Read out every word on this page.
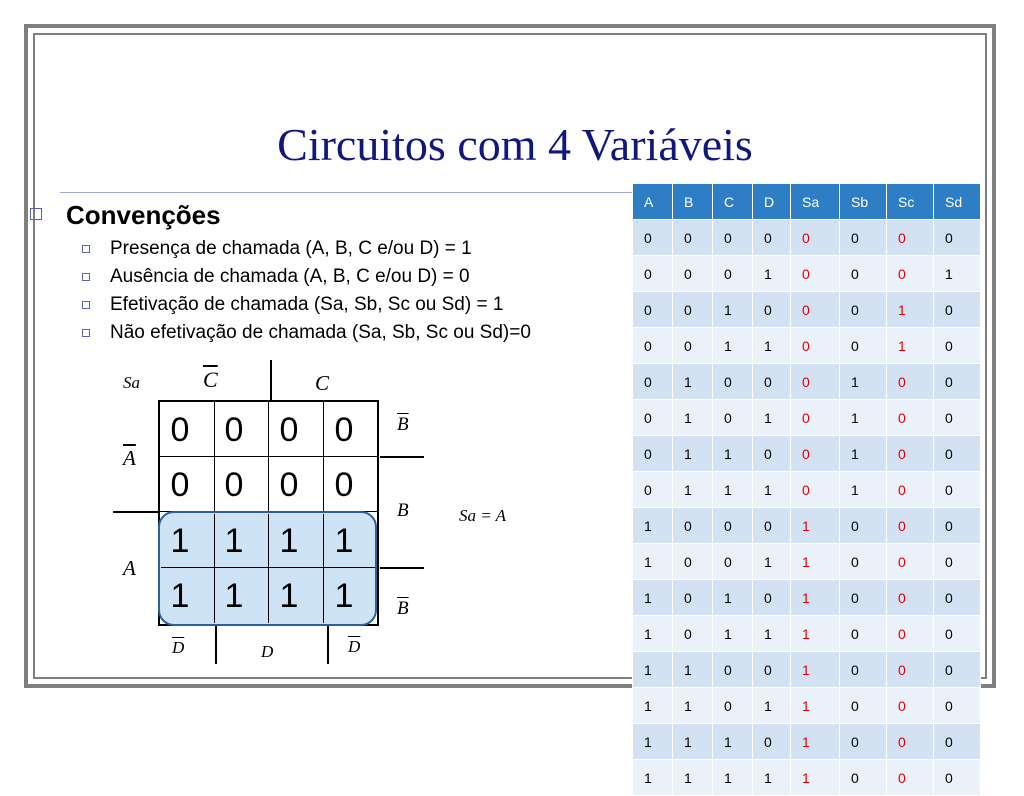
Circuitos com 4 Variáveis
Convenções
Presença de chamada (A, B, C e/ou D) = 1
Ausência de chamada (A, B, C e/ou D) = 0
Efetivação de chamada (Sa, Sb, Sc ou Sd) = 1
Não efetivação de chamada (Sa, Sb, Sc ou Sd)=0
Sa	$\overline{C}$	C
$\overline{A}$
A
$\overline{B}$
B
$\overline{B}$
$\overline{D}$	D	$\overline{D}$
0	0	0	0
0	0	0	0
1	1	1	1
1	1	1	1
Sa = A
A	B	C	D	Sa	Sb	Sc	Sd
0	0	0	0	0	0	0	0
0	0	0	1	0	0	0	1
0	0	1	0	0	0	1	0
0	0	1	1	0	0	1	0
0	1	0	0	0	1	0	0
0	1	0	1	0	1	0	0
0	1	1	0	0	1	0	0
0	1	1	1	0	1	0	0
1	0	0	0	1	0	0	0
1	0	0	1	1	0	0	0
1	0	1	0	1	0	0	0
1	0	1	1	1	0	0	0
1	1	0	0	1	0	0	0
1	1	0	1	1	0	0	0
1	1	1	0	1	0	0	0
1	1	1	1	1	0	0	0
